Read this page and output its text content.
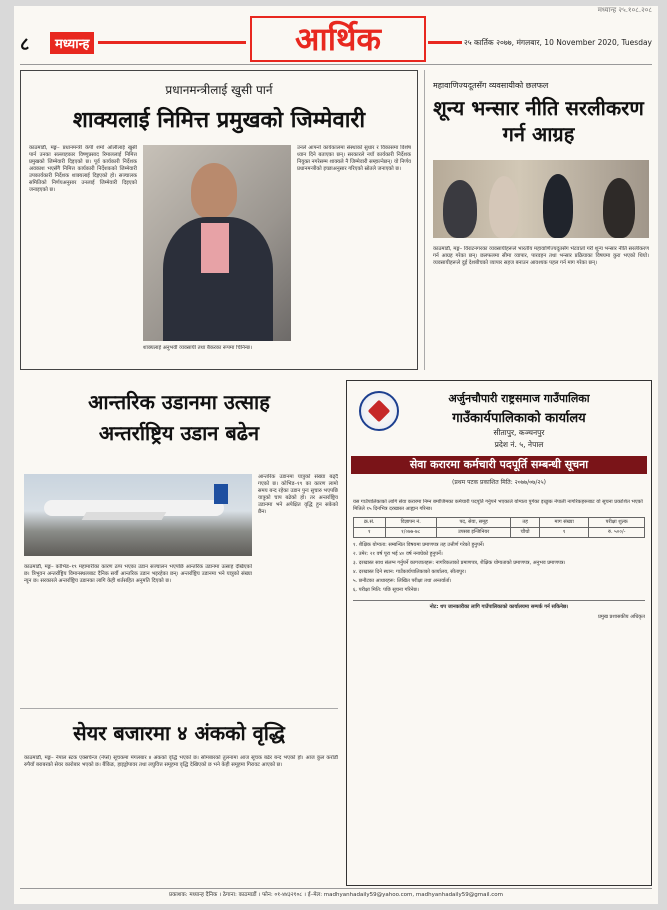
मध्यान्ह २५.१०८.२०८
८	मध्यान्ह	आर्थिक	२५ कार्तिक २०७७, मंगलबार, 10 November 2020, Tuesday
प्रधानमन्त्रीलाई खुसी पार्न
शाक्यलाई निमित्त प्रमुखको जिम्मेवारी
काठमाडौं, मङ्ग– प्रधानमन्त्री केपी शर्मा ओलीलाई खुसी पार्न उनका सल्लाहकार विष्णुप्रसाद रिमाललाई निमित्त प्रमुखको जिम्मेवारी दिइएको छ। पूर्व कार्यकारी निर्देशक अवकाश भएसँगै निमित्त कार्यकारी निर्देशकको जिम्मेवारी उपकार्यकारी निर्देशक शाक्यलाई दिइएको हो। सञ्चालक समितिको निर्णयअनुसार उनलाई जिम्मेवारी दिइएको जनाइएको छ।
शाक्यलाई अनुभवी व्यवसायी तथा बैंकरका रूपमा चिनिन्छ।
उनले आफ्नो कार्यकालमा संस्थाको सुधार र विकासमा विशेष ध्यान दिने बताएका छन्। सरकारले नयाँ कार्यकारी निर्देशक नियुक्त नगरेसम्म शाक्यले नै जिम्मेवारी सम्हाल्नेछन्। यो निर्णय प्रधानमन्त्रीको इच्छाअनुसार गरिएको स्रोतले जनाएको छ।
महावाणिज्यदूतसँग व्यवसायीको छलफल
शून्य भन्सार नीति सरलीकरण गर्न आग्रह
काठमाडौं, मङ्ग– विराटनगरका व्यवसायीहरूले भारतीय महावाणिज्यदूतसँग भेटवार्ता गरी शून्य भन्सार नीति सरलीकरण गर्न आग्रह गरेका छन्। छलफलमा सीमा व्यापार, पारवहन तथा भन्सार प्रक्रियाका विषयमा कुरा भएको थियो। व्यवसायीहरूले दुई देशबीचको व्यापार सहज बनाउन आवश्यक पहल गर्न माग गरेका छन्।
आन्तरिक उडानमा उत्साह
अन्तर्राष्ट्रिय उडान बढेन
आन्तरिक उडानमा यात्रुको संख्या बढ्दै गएको छ। कोभिड–१९ का कारण लामो समय बन्द रहेका उडान पुनः सुचारु भएपछि यात्रुको चाप बढेको हो। तर अन्तर्राष्ट्रिय उडानमा भने अपेक्षित वृद्धि हुन सकेको छैन।
काठमाडौं, मङ्ग– कोभिड–१९ महामारीका कारण ठप्प भएका उडान सञ्चालन भएपछि आन्तरिक उडानमा उत्साह देखिएको छ। त्रिभुवन अन्तर्राष्ट्रिय विमानस्थलबाट दैनिक सयौं आन्तरिक उडान भइरहेका छन्। अन्तर्राष्ट्रिय उडानमा भने यात्रुको संख्या न्यून छ। सरकारले अन्तर्राष्ट्रिय उडानका लागि केही शर्तसहित अनुमति दिएको छ।
सेयर बजारमा ४ अंकको वृद्धि
काठमाडौं, मङ्ग– नेपाल स्टक एक्सचेन्ज (नेप्से) सूचकमा मंगलबार ४ अंकको वृद्धि भएको छ। सोमबारको तुलनामा आज सूचक बढेर बन्द भएको हो। आज कुल करोडौं रुपैयाँ बराबरको सेयर कारोबार भएको छ। बैंकिङ, हाइड्रोपावर तथा लघुवित्त समूहमा वृद्धि देखिएको छ भने केही समूहमा गिरावट आएको छ।
अर्जुनचौपारी राष्ट्रसमाज गाउँपालिका
गाउँकार्यपालिकाको कार्यालय
सीतापुर, कञ्चनपुर
प्रदेश नं. ५, नेपाल
सेवा करारमा कर्मचारी पदपूर्ति सम्बन्धी सूचना
(प्रथम पटक प्रकाशित मिति: २०७७/०७/२५)
यस गाउँपालिकाको लागि सेवा करारमा निम्न बमोजिमका कर्मचारी पदपूर्ति गर्नुपर्ने भएकाले योग्यता पुगेका इच्छुक नेपाली नागरिकहरूबाट यो सूचना प्रकाशित भएको मितिले १५ दिनभित्र दरखास्त आह्वान गरिन्छ।
क्र.सं.	विज्ञापन नं.	पद, सेवा, समूह	तह	माग संख्या	परीक्षा शुल्क
१	१/०७७-७८	उपसब इन्जिनियर	चौथो	१	रु. ५००/-
१. शैक्षिक योग्यता: सम्बन्धित विषयमा प्रमाणपत्र तह उत्तीर्ण गरेको हुनुपर्ने।
२. उमेर: २१ वर्ष पूरा भई ४० वर्ष ननाघेको हुनुपर्ने।
३. दरखास्त साथ संलग्न गर्नुपर्ने कागजातहरू: नागरिकताको प्रमाणपत्र, शैक्षिक योग्यताको प्रमाणपत्र, अनुभव प्रमाणपत्र।
४. दरखास्त दिने स्थान: गाउँकार्यपालिकाको कार्यालय, सीतापुर।
५. छनौटका आधारहरू: लिखित परीक्षा तथा अन्तर्वार्ता।
६. परीक्षा मिति: पछि सूचना गरिनेछ।
नोट: थप जानकारीका लागि गाउँपालिकाको कार्यालयमा सम्पर्क गर्न सकिनेछ।
प्रमुख प्रशासकीय अधिकृत
प्रकाशक: मध्यान्ह दैनिक । ठेगाना: काठमाडौं । फोन: ०१-४४३२१०८ । ई–मेल: madhyanhadaily59@yahoo.com, madhyanhadaily59@gmail.com
